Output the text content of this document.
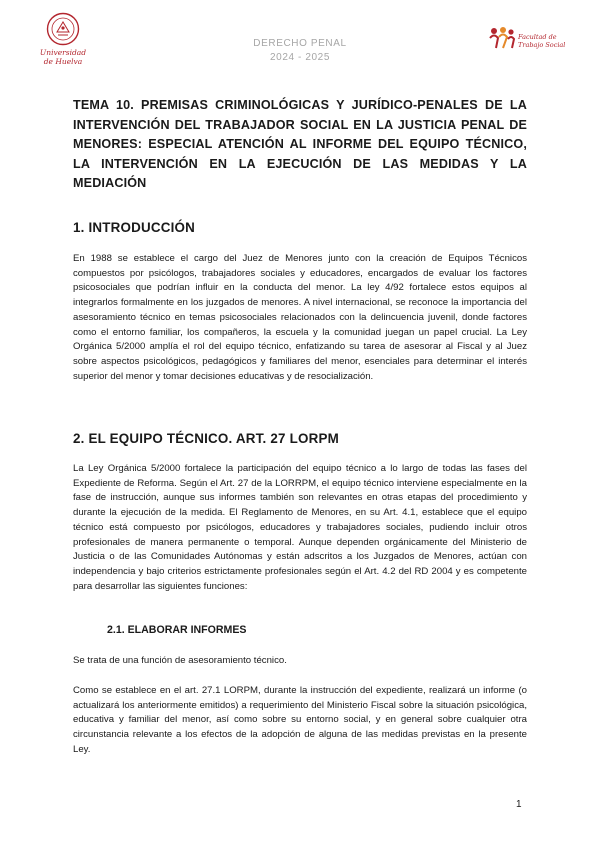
Universidad
de Huelva
DERECHO PENAL
2024 - 2025
Facultad de
Trabajo Social

TEMA 10. PREMISAS CRIMINOLÓGICAS Y JURÍDICO-PENALES DE LA INTERVENCIÓN DEL TRABAJADOR SOCIAL EN LA JUSTICIA PENAL DE MENORES: ESPECIAL ATENCIÓN AL INFORME DEL EQUIPO TÉCNICO, LA INTERVENCIÓN EN LA EJECUCIÓN DE LAS MEDIDAS Y LA MEDIACIÓN

1. INTRODUCCIÓN

En 1988 se establece el cargo del Juez de Menores junto con la creación de Equipos Técnicos compuestos por psicólogos, trabajadores sociales y educadores, encargados de evaluar los factores psicosociales que podrían influir en la conducta del menor. La ley 4/92 fortalece estos equipos al integrarlos formalmente en los juzgados de menores. A nivel internacional, se reconoce la importancia del asesoramiento técnico en temas psicosociales relacionados con la delincuencia juvenil, donde factores como el entorno familiar, los compañeros, la escuela y la comunidad juegan un papel crucial. La Ley Orgánica 5/2000 amplía el rol del equipo técnico, enfatizando su tarea de asesorar al Fiscal y al Juez sobre aspectos psicológicos, pedagógicos y familiares del menor, esenciales para determinar el interés superior del menor y tomar decisiones educativas y de resocialización.

2. EL EQUIPO TÉCNICO. ART. 27 LORPM

La Ley Orgánica 5/2000 fortalece la participación del equipo técnico a lo largo de todas las fases del Expediente de Reforma. Según el Art. 27 de la LORRPM, el equipo técnico interviene especialmente en la fase de instrucción, aunque sus informes también son relevantes en otras etapas del procedimiento y durante la ejecución de la medida. El Reglamento de Menores, en su Art. 4.1, establece que el equipo técnico está compuesto por psicólogos, educadores y trabajadores sociales, pudiendo incluir otros profesionales de manera permanente o temporal. Aunque dependen orgánicamente del Ministerio de Justicia o de las Comunidades Autónomas y están adscritos a los Juzgados de Menores, actúan con independencia y bajo criterios estrictamente profesionales según el Art. 4.2 del RD 2004 y es competente para desarrollar las siguientes funciones:

2.1. ELABORAR INFORMES

Se trata de una función de asesoramiento técnico.

Como se establece en el art. 27.1 LORPM, durante la instrucción del expediente, realizará un informe (o actualizará los anteriormente emitidos) a requerimiento del Ministerio Fiscal sobre la situación psicológica, educativa y familiar del menor, así como sobre su entorno social, y en general sobre cualquier otra circunstancia relevante a los efectos de la adopción de alguna de las medidas previstas en la presente Ley.

1
